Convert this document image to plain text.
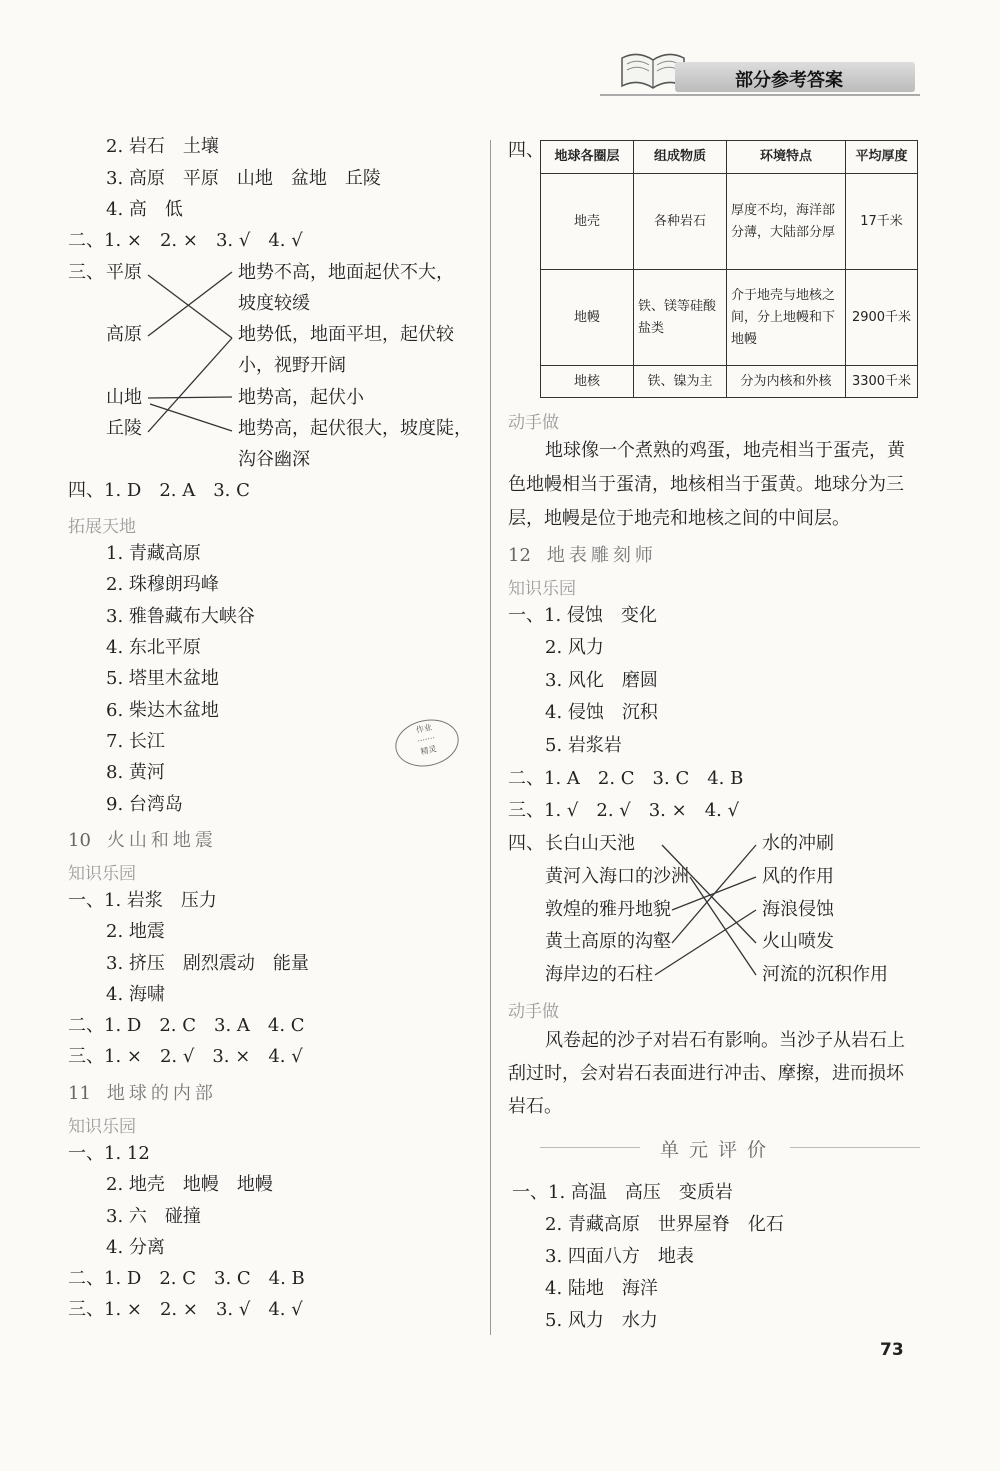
部分参考答案
2. 岩石　土壤
3. 高原　平原　山地　盆地　丘陵
4. 高　低
二、1. ×　2. ×　3. √　4. √
三、 平原
高原
山地
丘陵
地势不高，地面起伏不大，
坡度较缓
地势低，地面平坦，起伏较
小，视野开阔
地势高，起伏小
地势高，起伏很大，坡度陡，
沟谷幽深
四、1. D　2. A　3. C
拓展天地
1. 青藏高原
2. 珠穆朗玛峰
3. 雅鲁藏布大峡谷
4. 东北平原
5. 塔里木盆地
6. 柴达木盆地
7. 长江
8. 黄河
9. 台湾岛
作业
·······
精灵
10 火山和地震
知识乐园
一、1. 岩浆　压力
2. 地震
3. 挤压　剧烈震动　能量
4. 海啸
二、1. D　2. C　3. A　4. C
三、1. ×　2. √　3. ×　4. √
11 地球的内部
知识乐园
一、1. 12
2. 地壳　地幔　地幔
3. 六　碰撞
4. 分离
二、1. D　2. C　3. C　4. B
三、1. ×　2. ×　3. √　4. √
四、 地球各圈层	组成物质	环境特点	平均厚度
地壳	各种岩石	厚度不均，海洋部分薄，大陆部分厚	17千米
地幔	铁、镁等硅酸盐类	介于地壳与地核之间，分上地幔和下地幔	2900千米
地核	铁、镍为主	分为内核和外核	3300千米
动手做
地球像一个煮熟的鸡蛋，地壳相当于蛋壳，黄
色地幔相当于蛋清，地核相当于蛋黄。地球分为三
层，地幔是位于地壳和地核之间的中间层。
12 地表雕刻师
知识乐园
一、1. 侵蚀　变化
2. 风力
3. 风化　磨圆
4. 侵蚀　沉积
5. 岩浆岩
二、1. A　2. C　3. C　4. B
三、1. √　2. √　3. ×　4. √
四、 长白山天池
黄河入海口的沙洲
敦煌的雅丹地貌
黄土高原的沟壑
海岸边的石柱
水的冲刷
风的作用
海浪侵蚀
火山喷发
河流的沉积作用
动手做
风卷起的沙子对岩石有影响。当沙子从岩石上
刮过时，会对岩石表面进行冲击、摩擦，进而损坏
岩石。
单元评价
一、1. 高温　高压　变质岩
2. 青藏高原　世界屋脊　化石
3. 四面八方　地表
4. 陆地　海洋
5. 风力　水力
73
